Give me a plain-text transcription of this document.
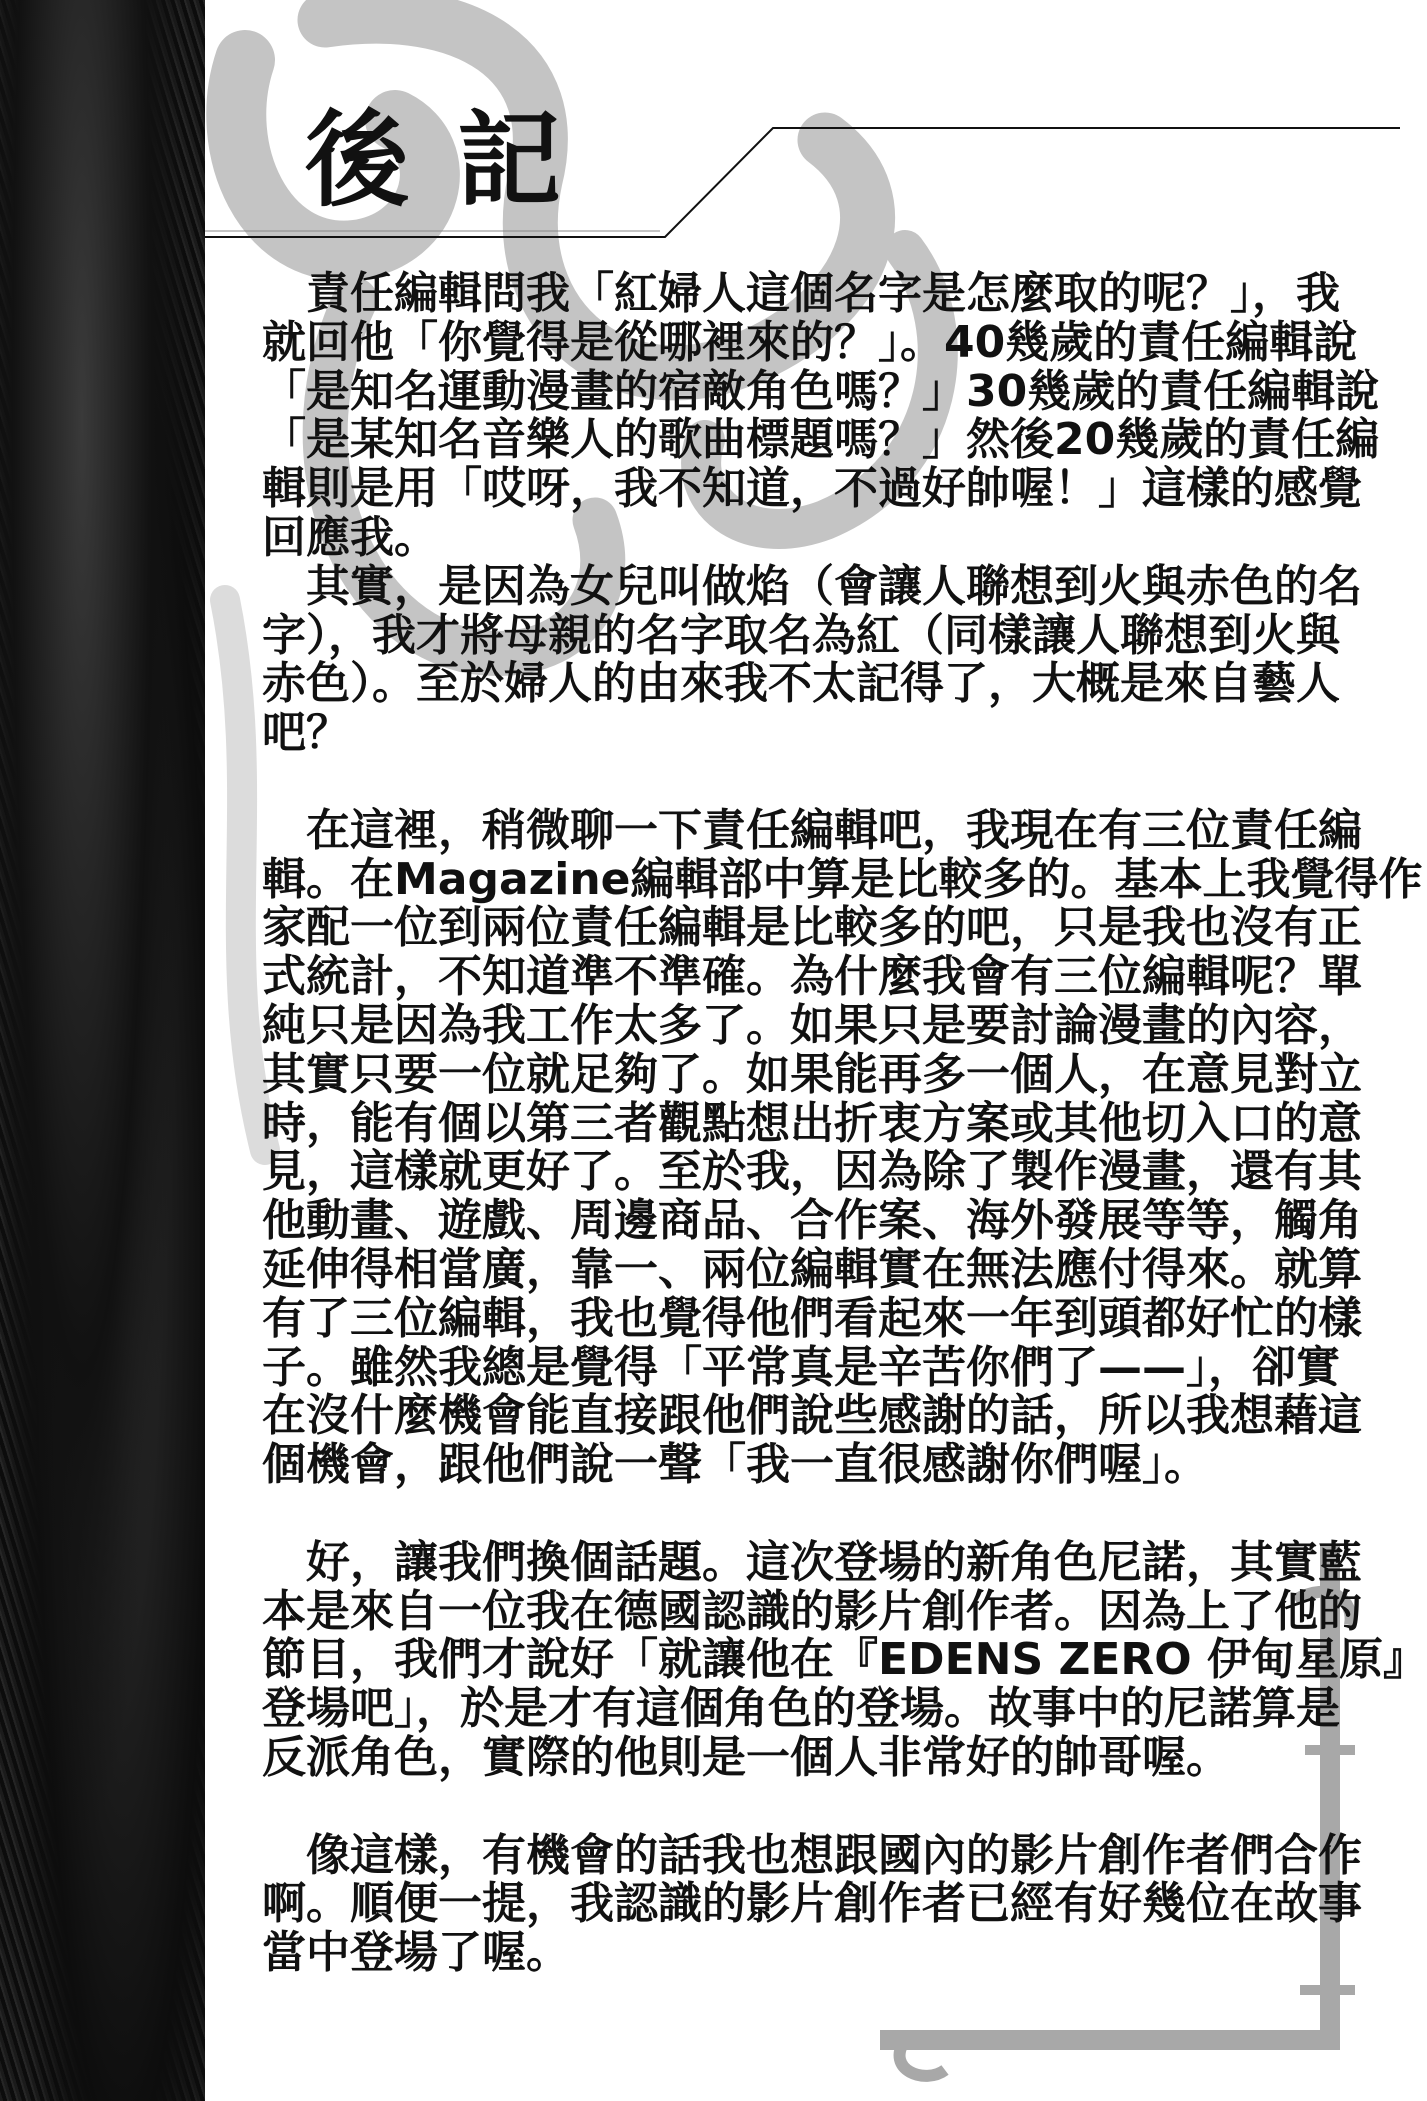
後記
　責任編輯問我「紅婦人這個名字是怎麼取的呢？」，我
就回他「你覺得是從哪裡來的？」。40幾歲的責任編輯說
「是知名運動漫畫的宿敵角色嗎？」30幾歲的責任編輯說
「是某知名音樂人的歌曲標題嗎？」然後20幾歲的責任編
輯則是用「哎呀，我不知道，不過好帥喔！」這樣的感覺
回應我。
　其實，是因為女兒叫做焰（會讓人聯想到火與赤色的名
字），我才將母親的名字取名為紅（同樣讓人聯想到火與
赤色）。至於婦人的由來我不太記得了，大概是來自藝人
吧？
　在這裡，稍微聊一下責任編輯吧，我現在有三位責任編
輯。在Magazine編輯部中算是比較多的。基本上我覺得作
家配一位到兩位責任編輯是比較多的吧，只是我也沒有正
式統計，不知道準不準確。為什麼我會有三位編輯呢？單
純只是因為我工作太多了。如果只是要討論漫畫的內容，
其實只要一位就足夠了。如果能再多一個人，在意見對立
時，能有個以第三者觀點想出折衷方案或其他切入口的意
見，這樣就更好了。至於我，因為除了製作漫畫，還有其
他動畫、遊戲、周邊商品、合作案、海外發展等等，觸角
延伸得相當廣，靠一、兩位編輯實在無法應付得來。就算
有了三位編輯，我也覺得他們看起來一年到頭都好忙的樣
子。雖然我總是覺得「平常真是辛苦你們了——」，卻實
在沒什麼機會能直接跟他們說些感謝的話，所以我想藉這
個機會，跟他們說一聲「我一直很感謝你們喔」。
　好，讓我們換個話題。這次登場的新角色尼諾，其實藍
本是來自一位我在德國認識的影片創作者。因為上了他的
節目，我們才說好「就讓他在『EDENS ZERO 伊甸星原』
登場吧」，於是才有這個角色的登場。故事中的尼諾算是
反派角色，實際的他則是一個人非常好的帥哥喔。
　像這樣，有機會的話我也想跟國內的影片創作者們合作
啊。順便一提，我認識的影片創作者已經有好幾位在故事
當中登場了喔。
